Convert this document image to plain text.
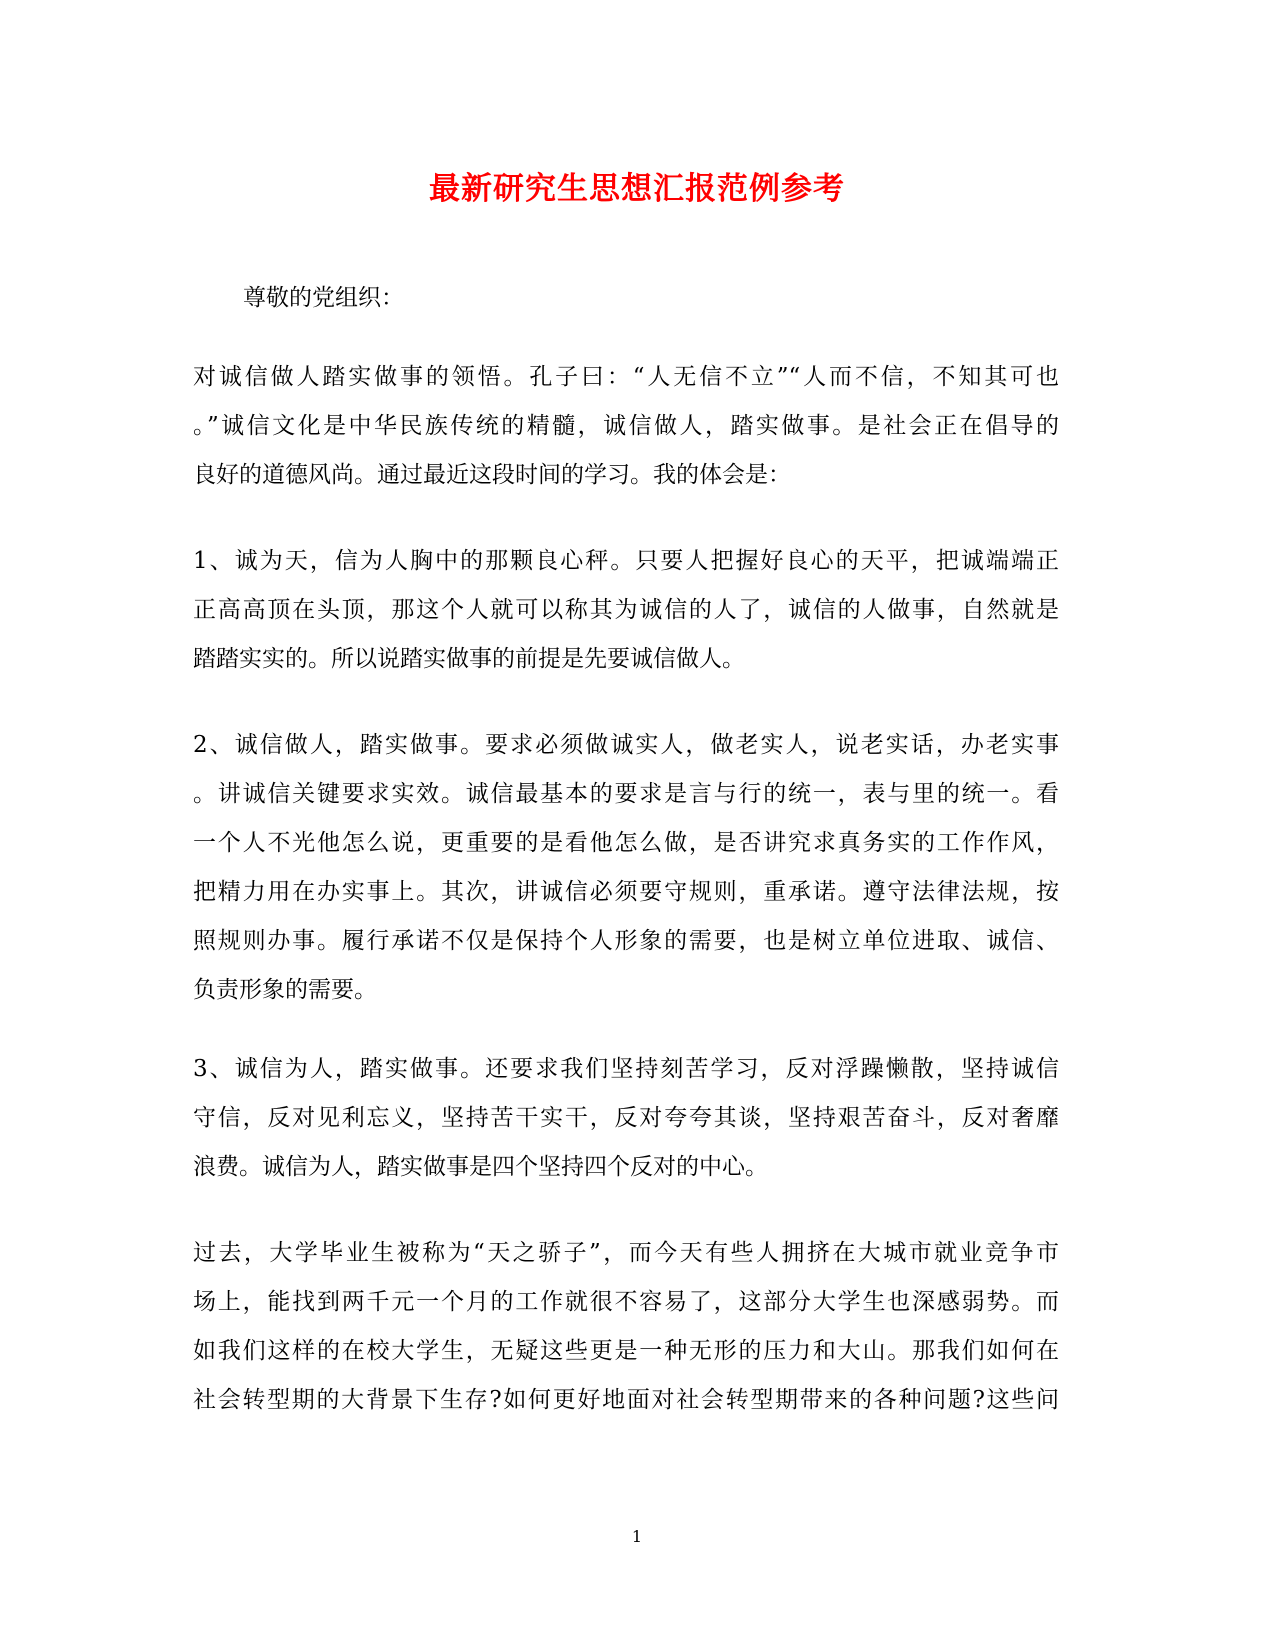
最新研究生思想汇报范例参考

尊敬的党组织：

对诚信做人踏实做事的领悟。孔子曰：“人无信不立”“人而不信，不知其可也
。”诚信文化是中华民族传统的精髓，诚信做人，踏实做事。是社会正在倡导的
良好的道德风尚。通过最近这段时间的学习。我的体会是：
1、诚为天，信为人胸中的那颗良心秤。只要人把握好良心的天平，把诚端端正
正高高顶在头顶，那这个人就可以称其为诚信的人了，诚信的人做事，自然就是
踏踏实实的。所以说踏实做事的前提是先要诚信做人。
2、诚信做人，踏实做事。要求必须做诚实人，做老实人，说老实话，办老实事
。讲诚信关键要求实效。诚信最基本的要求是言与行的统一，表与里的统一。看
一个人不光他怎么说，更重要的是看他怎么做，是否讲究求真务实的工作作风，
把精力用在办实事上。其次，讲诚信必须要守规则，重承诺。遵守法律法规，按
照规则办事。履行承诺不仅是保持个人形象的需要，也是树立单位进取、诚信、
负责形象的需要。
3、诚信为人，踏实做事。还要求我们坚持刻苦学习，反对浮躁懒散，坚持诚信
守信，反对见利忘义，坚持苦干实干，反对夸夸其谈，坚持艰苦奋斗，反对奢靡
浪费。诚信为人，踏实做事是四个坚持四个反对的中心。
过去，大学毕业生被称为“天之骄子”，而今天有些人拥挤在大城市就业竞争市
场上，能找到两千元一个月的工作就很不容易了，这部分大学生也深感弱势。而
如我们这样的在校大学生，无疑这些更是一种无形的压力和大山。那我们如何在
社会转型期的大背景下生存?如何更好地面对社会转型期带来的各种问题?这些问

1
